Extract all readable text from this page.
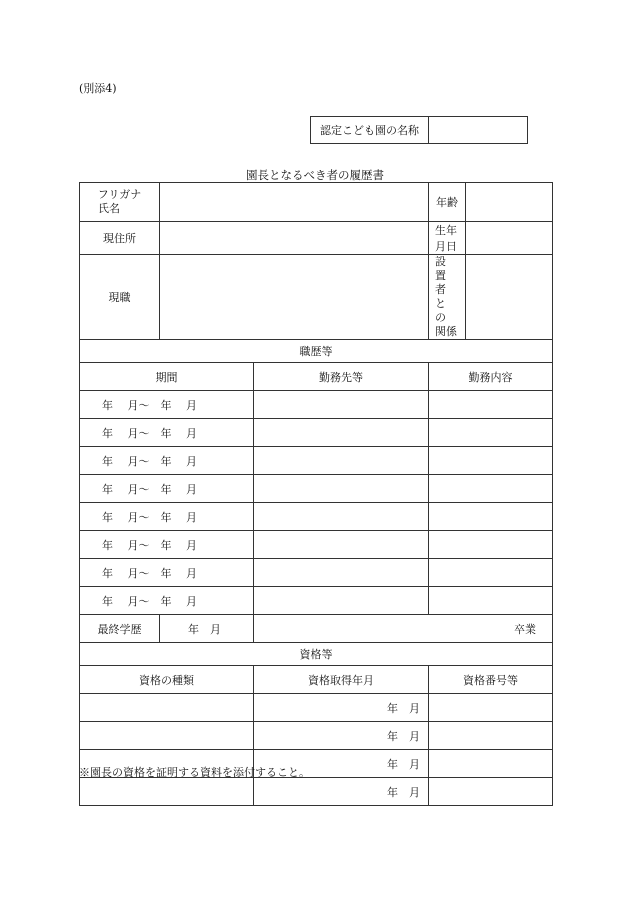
(別添4)
認定こども園の名称
園長となるべき者の履歴書
フリガナ
氏名			年齢	
現住所			生年月日	
現職			設置者との
関係	

職歴等				
期間		勤務先等	勤務内容	
年　 月～　年　 月				
年　 月～　年　 月				
年　 月～　年　 月				
年　 月～　年　 月				
年　 月～　年　 月				
年　 月～　年　 月				
年　 月～　年　 月				
年　 月～　年　 月				
最終学歴	年　月	卒業		
資格等				
資格の種類		資格取得年月	資格番号等	
		年　月		
		年　月		
		年　月		
		年　月		
※園長の資格を証明する資料を添付すること。
